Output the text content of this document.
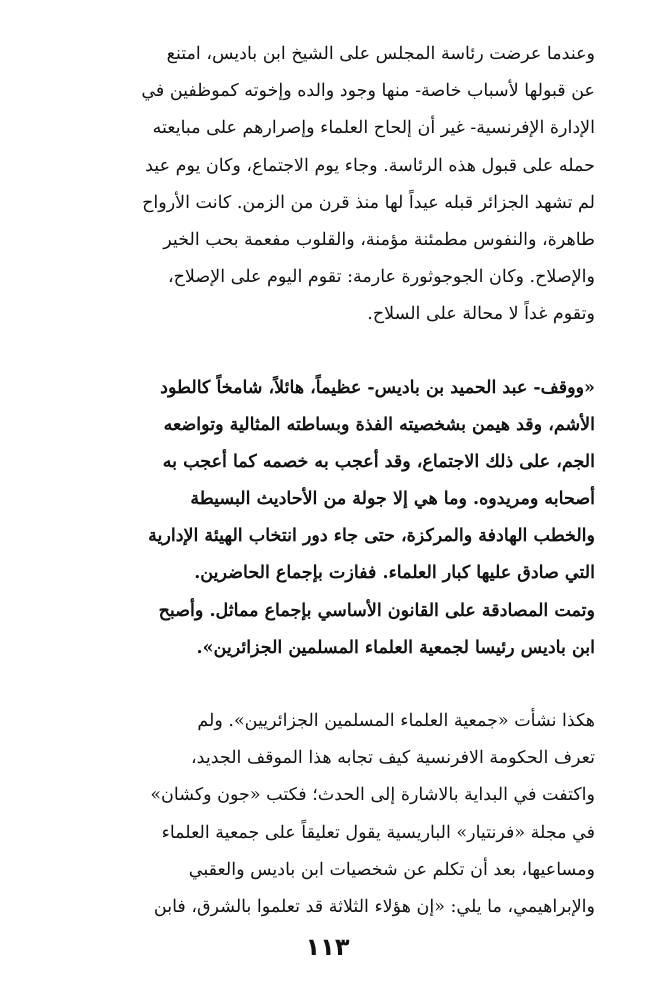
وعندما عرضت رئاسة المجلس على الشيخ ابن باديس، امتنع
عن قبولها لأسباب خاصة- منها وجود والده وإخوته كموظفين في
الإدارة الإفرنسية- غير أن إلحاح العلماء وإصرارهم على مبايعته
حمله على قبول هذه الرئاسة. وجاء يوم الاجتماع، وكان يوم عيد
لم تشهد الجزائر قبله عيداً لها منذ قرن من الزمن. كانت الأرواح
طاهرة، والنفوس مطمئنة مؤمنة، والقلوب مفعمة بحب الخير
والإصلاح. وكان الجوجوثورة عارمة: تقوم اليوم على الإصلاح،
وتقوم غداً لا محالة على السلاح.
«ووقف- عبد الحميد بن باديس- عظيماً، هائلاً، شامخاً كالطود
الأشم، وقد هيمن بشخصيته الفذة وبساطته المثالية وتواضعه
الجم، على ذلك الاجتماع، وقد أعجب به خصمه كما أعجب به
أصحابه ومريدوه. وما هي إلا جولة من الأحاديث البسيطة
والخطب الهادفة والمركزة، حتى جاء دور انتخاب الهيئة الإدارية
التي صادق عليها كبار العلماء. ففازت بإجماع الحاضرين.
وتمت المصادقة على القانون الأساسي بإجماع مماثل. وأصبح
ابن باديس رئيسا لجمعية العلماء المسلمين الجزائرين».
هكذا نشأت «جمعية العلماء المسلمين الجزائريين». ولم
تعرف الحكومة الافرنسية كيف تجابه هذا الموقف الجديد،
واكتفت في البداية بالاشارة إلى الحدث؛ فكتب «جون وكشان»
في مجلة «فرنتيار» الباريسية يقول تعليقاً على جمعية العلماء
ومساعيها، بعد أن تكلم عن شخصيات ابن باديس والعقبي
والإبراهيمي، ما يلي: «إن هؤلاء الثلاثة قد تعلموا بالشرق، فابن
١١٣
